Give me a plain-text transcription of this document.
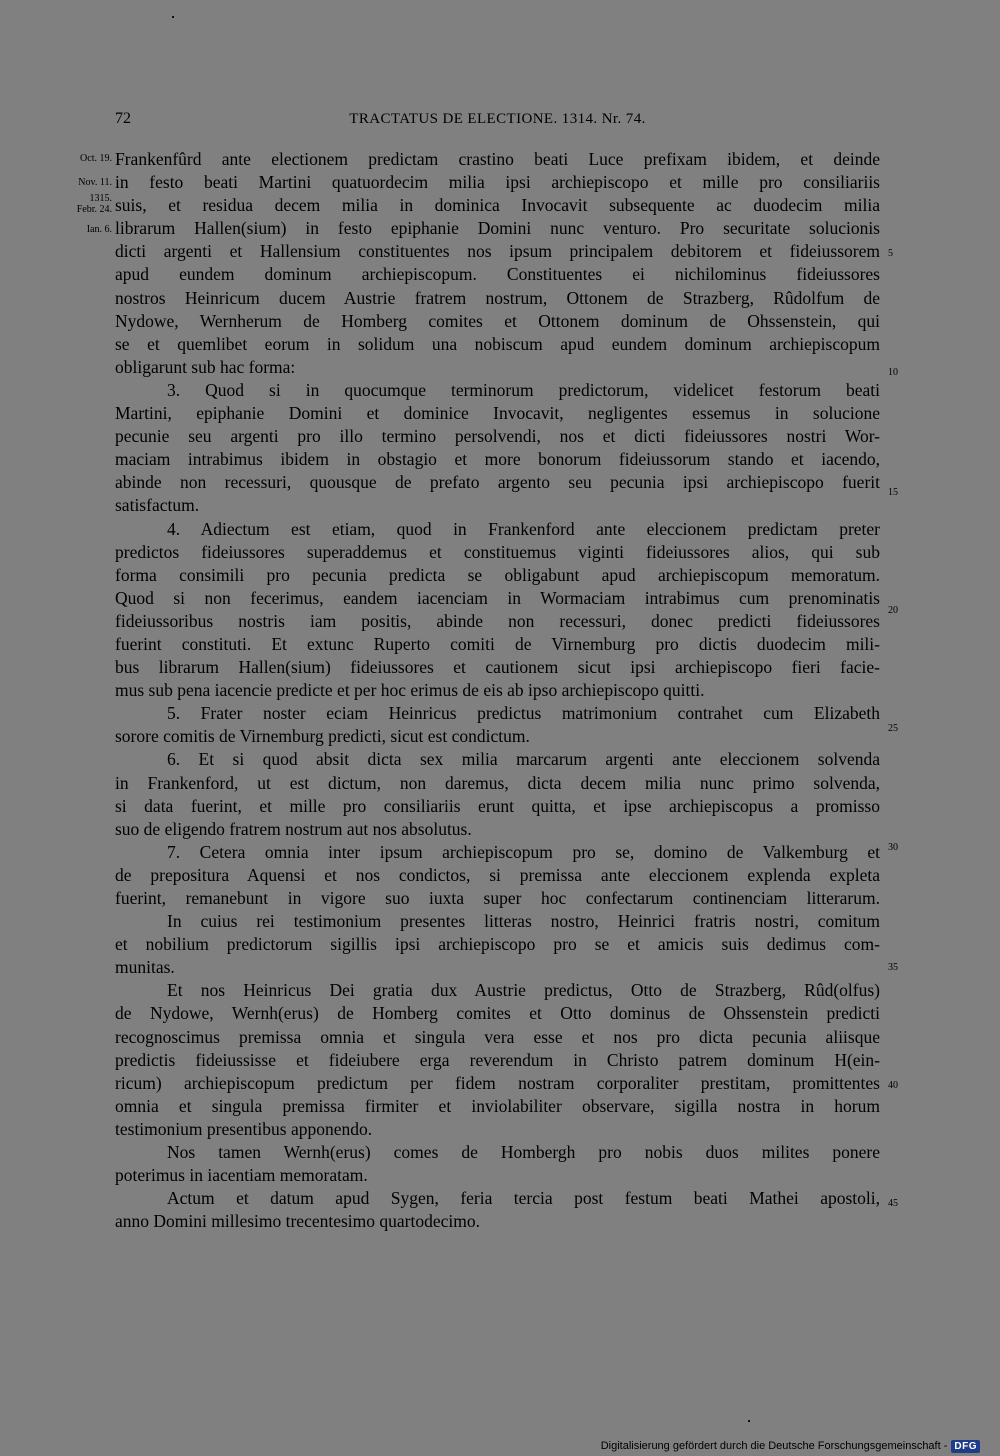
72	TRACTATUS DE ELECTIONE. 1314. Nr. 74.
Oct. 19.
Nov. 11.
1315.
Febr. 24.
Ian. 6.
5
10
15
20
25
30
35
40
45
Frankenfûrd ante electionem predictam crastino beati Luce prefixam ibidem, et deinde
in festo beati Martini quatuordecim milia ipsi archiepiscopo et mille pro consiliariis
suis, et residua decem milia in dominica Invocavit subsequente ac duodecim milia
librarum Hallen(sium) in festo epiphanie Domini nunc venturo. Pro securitate solucionis
dicti argenti et Hallensium constituentes nos ipsum principalem debitorem et fideiussorem
apud eundem dominum archiepiscopum. Constituentes ei nichilominus fideiussores
nostros Heinricum ducem Austrie fratrem nostrum, Ottonem de Strazberg, Rûdolfum de
Nydowe, Wernherum de Homberg comites et Ottonem dominum de Ohssenstein, qui
se et quemlibet eorum in solidum una nobiscum apud eundem dominum archiepiscopum
obligarunt sub hac forma:
3. Quod si in quocumque terminorum predictorum, videlicet festorum beati
Martini, epiphanie Domini et dominice Invocavit, negligentes essemus in solucione
pecunie seu argenti pro illo termino persolvendi, nos et dicti fideiussores nostri Wor-
maciam intrabimus ibidem in obstagio et more bonorum fideiussorum stando et iacendo,
abinde non recessuri, quousque de prefato argento seu pecunia ipsi archiepiscopo fuerit
satisfactum.
4. Adiectum est etiam, quod in Frankenford ante eleccionem predictam preter
predictos fideiussores superaddemus et constituemus viginti fideiussores alios, qui sub
forma consimili pro pecunia predicta se obligabunt apud archiepiscopum memoratum.
Quod si non fecerimus, eandem iacenciam in Wormaciam intrabimus cum prenominatis
fideiussoribus nostris iam positis, abinde non recessuri, donec predicti fideiussores
fuerint constituti. Et extunc Ruperto comiti de Virnemburg pro dictis duodecim mili-
bus librarum Hallen(sium) fideiussores et cautionem sicut ipsi archiepiscopo fieri facie-
mus sub pena iacencie predicte et per hoc erimus de eis ab ipso archiepiscopo quitti.
5. Frater noster eciam Heinricus predictus matrimonium contrahet cum Elizabeth
sorore comitis de Virnemburg predicti, sicut est condictum.
6. Et si quod absit dicta sex milia marcarum argenti ante eleccionem solvenda
in Frankenford, ut est dictum, non daremus, dicta decem milia nunc primo solvenda,
si data fuerint, et mille pro consiliariis erunt quitta, et ipse archiepiscopus a promisso
suo de eligendo fratrem nostrum aut nos absolutus.
7. Cetera omnia inter ipsum archiepiscopum pro se, domino de Valkemburg et
de prepositura Aquensi et nos condictos, si premissa ante eleccionem explenda expleta
fuerint, remanebunt in vigore suo iuxta super hoc confectarum continenciam litterarum.
In cuius rei testimonium presentes litteras nostro, Heinrici fratris nostri, comitum
et nobilium predictorum sigillis ipsi archiepiscopo pro se et amicis suis dedimus com-
munitas.
Et nos Heinricus Dei gratia dux Austrie predictus, Otto de Strazberg, Rûd(olfus)
de Nydowe, Wernh(erus) de Homberg comites et Otto dominus de Ohssenstein predicti
recognoscimus premissa omnia et singula vera esse et nos pro dicta pecunia aliisque
predictis fideiussisse et fideiubere erga reverendum in Christo patrem dominum H(ein-
ricum) archiepiscopum predictum per fidem nostram corporaliter prestitam, promittentes
omnia et singula premissa firmiter et inviolabiliter observare, sigilla nostra in horum
testimonium presentibus apponendo.
Nos tamen Wernh(erus) comes de Hombergh pro nobis duos milites ponere
poterimus in iacentiam memoratam.
Actum et datum apud Sygen, feria tercia post festum beati Mathei apostoli,
anno Domini millesimo trecentesimo quartodecimo.
Digitalisierung gefördert durch die Deutsche Forschungsgemeinschaft - DFG
